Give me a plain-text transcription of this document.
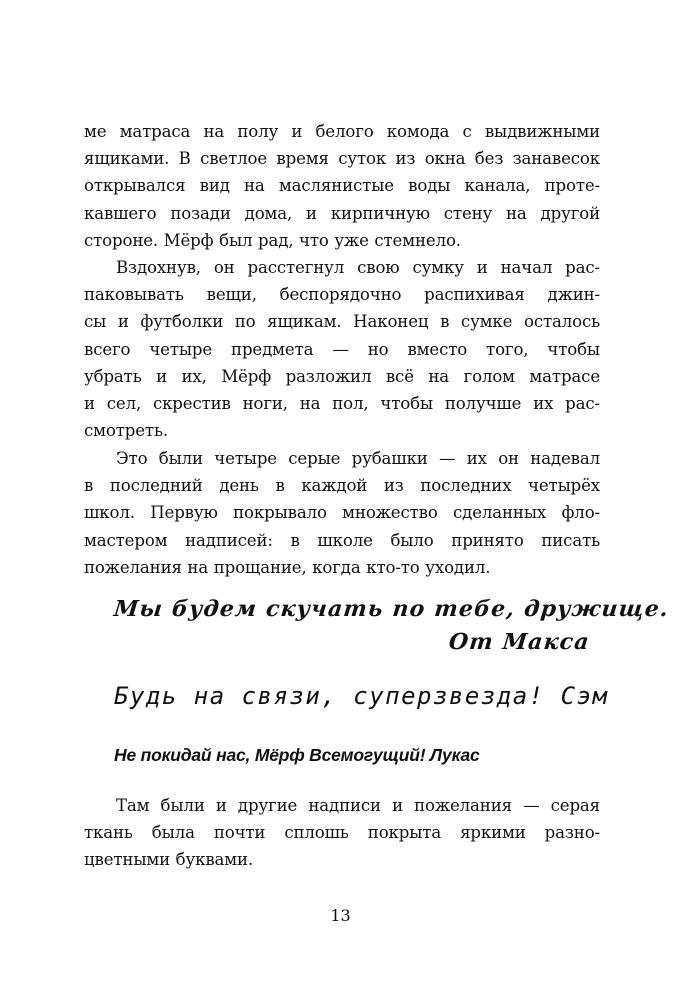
ме матраса на полу и белого комода с выдвижными
ящиками. В светлое время суток из окна без занавесок
открывался вид на маслянистые воды канала, проте-
кавшего позади дома, и кирпичную стену на другой
стороне. Мёрф был рад, что уже стемнело.
Вздохнув, он расстегнул свою сумку и начал рас-
паковывать вещи, беспорядочно распихивая джин-
сы и футболки по ящикам. Наконец в сумке осталось
всего четыре предмета — но вместо того, чтобы
убрать и их, Мёрф разложил всё на голом матрасе
и сел, скрестив ноги, на пол, чтобы получше их рас-
смотреть.
Это были четыре серые рубашки — их он надевал
в последний день в каждой из последних четырёх
школ. Первую покрывало множество сделанных фло-
мастером надписей: в школе было принято писать
пожелания на прощание, когда кто-то уходил.
Мы будем скучать по тебе, дружище.
От Макса
Будь на связи, суперзвезда! Сэм
Не покидай нас, Мёрф Всемогущий! Лукас
Там были и другие надписи и пожелания — серая
ткань была почти сплошь покрыта яркими разно-
цветными буквами.
13
